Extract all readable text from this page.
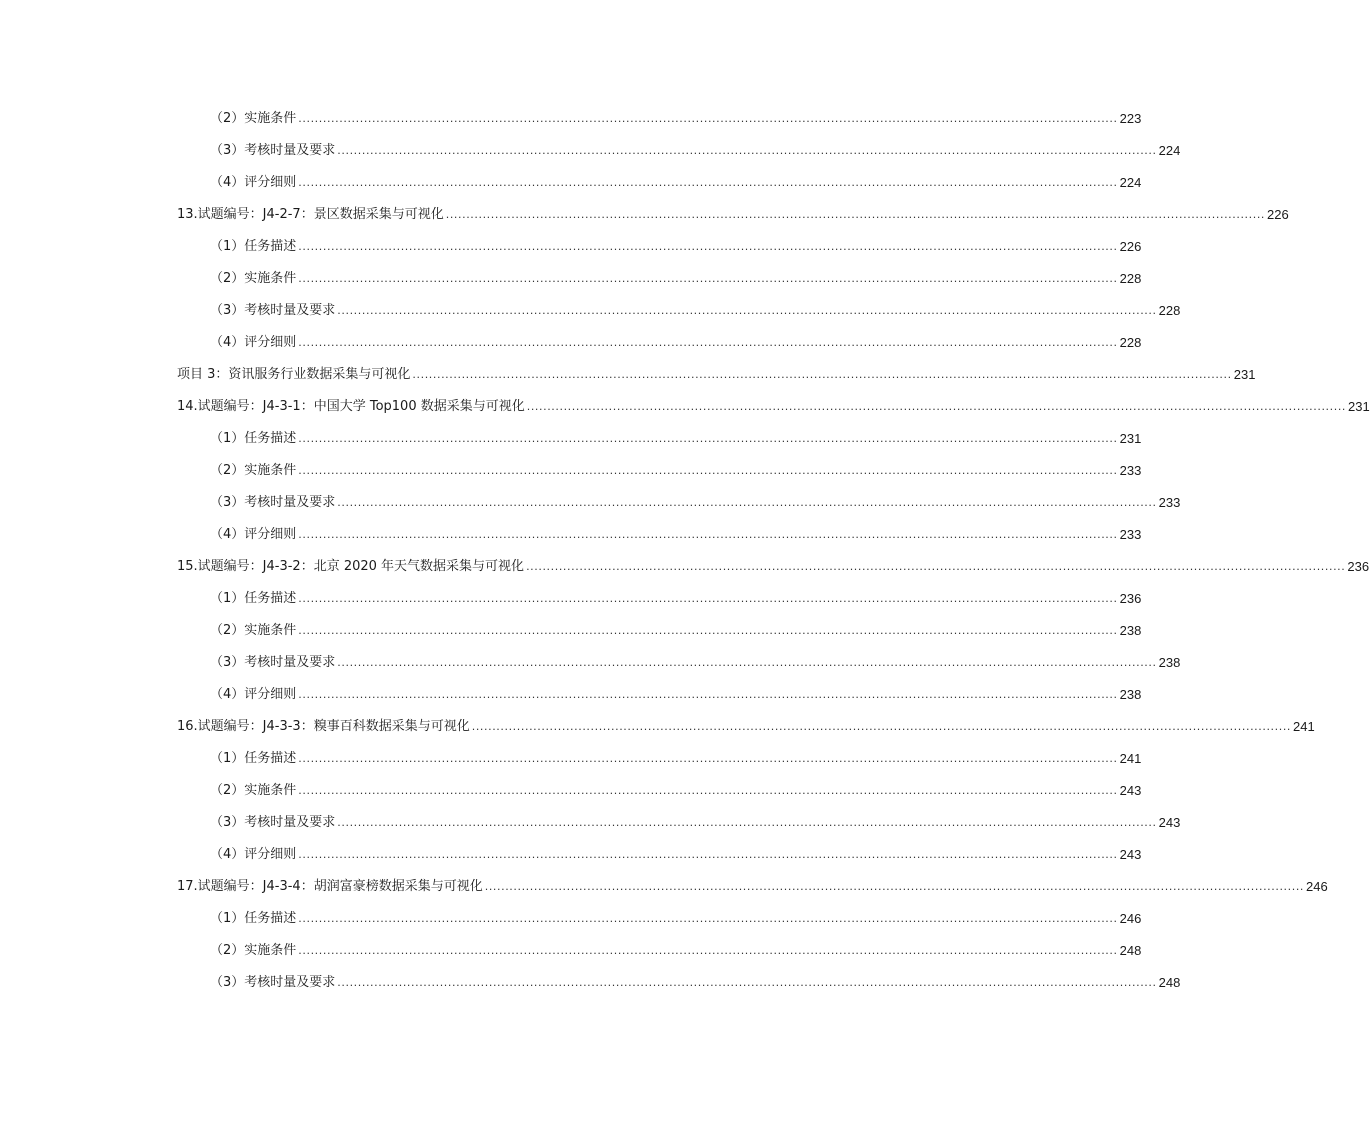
（2）实施条件 ........................................................................................................................................................................................................ 223
（3）考核时量及要求 ........................................................................................................................................................................................................ 224
（4）评分细则 ........................................................................................................................................................................................................ 224
13.试题编号：J4-2-7：景区数据采集与可视化 ........................................................................................................................................................................................................ 226
（1）任务描述 ........................................................................................................................................................................................................ 226
（2）实施条件 ........................................................................................................................................................................................................ 228
（3）考核时量及要求 ........................................................................................................................................................................................................ 228
（4）评分细则 ........................................................................................................................................................................................................ 228
项目 3：资讯服务行业数据采集与可视化 ........................................................................................................................................................................................................ 231
14.试题编号：J4-3-1：中国大学 Top100 数据采集与可视化 ........................................................................................................................................................................................................ 231
（1）任务描述 ........................................................................................................................................................................................................ 231
（2）实施条件 ........................................................................................................................................................................................................ 233
（3）考核时量及要求 ........................................................................................................................................................................................................ 233
（4）评分细则 ........................................................................................................................................................................................................ 233
15.试题编号：J4-3-2：北京 2020 年天气数据采集与可视化 ........................................................................................................................................................................................................ 236
（1）任务描述 ........................................................................................................................................................................................................ 236
（2）实施条件 ........................................................................................................................................................................................................ 238
（3）考核时量及要求 ........................................................................................................................................................................................................ 238
（4）评分细则 ........................................................................................................................................................................................................ 238
16.试题编号：J4-3-3：糗事百科数据采集与可视化 ........................................................................................................................................................................................................ 241
（1）任务描述 ........................................................................................................................................................................................................ 241
（2）实施条件 ........................................................................................................................................................................................................ 243
（3）考核时量及要求 ........................................................................................................................................................................................................ 243
（4）评分细则 ........................................................................................................................................................................................................ 243
17.试题编号：J4-3-4：胡润富豪榜数据采集与可视化 ........................................................................................................................................................................................................ 246
（1）任务描述 ........................................................................................................................................................................................................ 246
（2）实施条件 ........................................................................................................................................................................................................ 248
（3）考核时量及要求 ........................................................................................................................................................................................................ 248
